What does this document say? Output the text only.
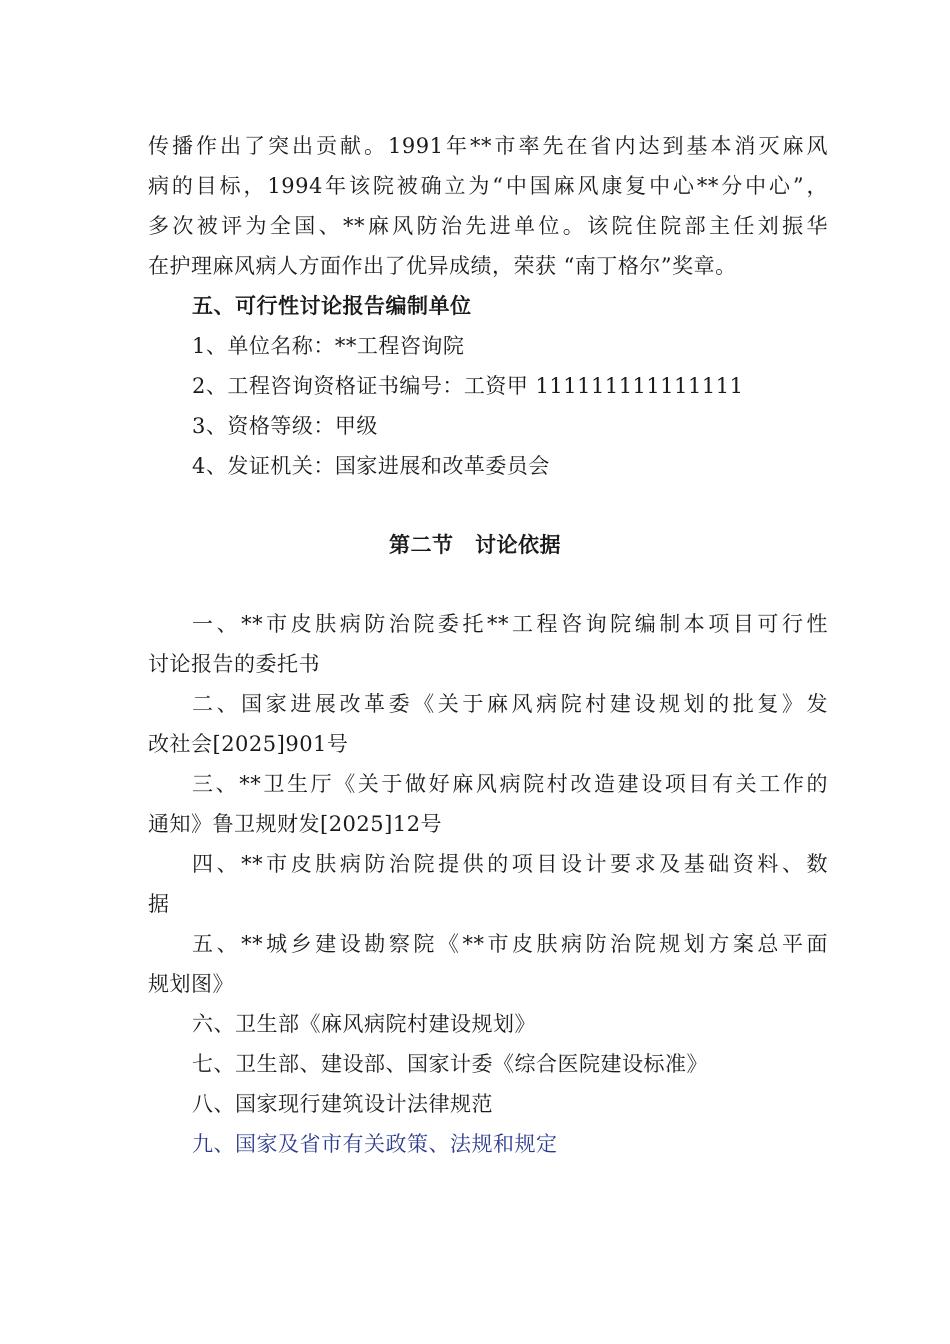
传播作出了突出贡献。1991年**市率先在省内达到基本消灭麻风
病的目标，1994年该院被确立为“中国麻风康复中心**分中心”，
多次被评为全国、**麻风防治先进单位。该院住院部主任刘振华
在护理麻风病人方面作出了优异成绩，荣获 “南丁格尔”奖章。
五、可行性讨论报告编制单位
1、单位名称：**工程咨询院
2、工程咨询资格证书编号：工资甲 111111111111111
3、资格等级：甲级
4、发证机关：国家进展和改革委员会
第二节　讨论依据
一、**市皮肤病防治院委托**工程咨询院编制本项目可行性
讨论报告的委托书
二、国家进展改革委《关于麻风病院村建设规划的批复》发
改社会[2025]901号
三、**卫生厅《关于做好麻风病院村改造建设项目有关工作的
通知》鲁卫规财发[2025]12号
四、**市皮肤病防治院提供的项目设计要求及基础资料、数
据
五、**城乡建设勘察院《**市皮肤病防治院规划方案总平面
规划图》
六、卫生部《麻风病院村建设规划》
七、卫生部、建设部、国家计委《综合医院建设标准》
八、国家现行建筑设计法律规范
九、国家及省市有关政策、法规和规定
